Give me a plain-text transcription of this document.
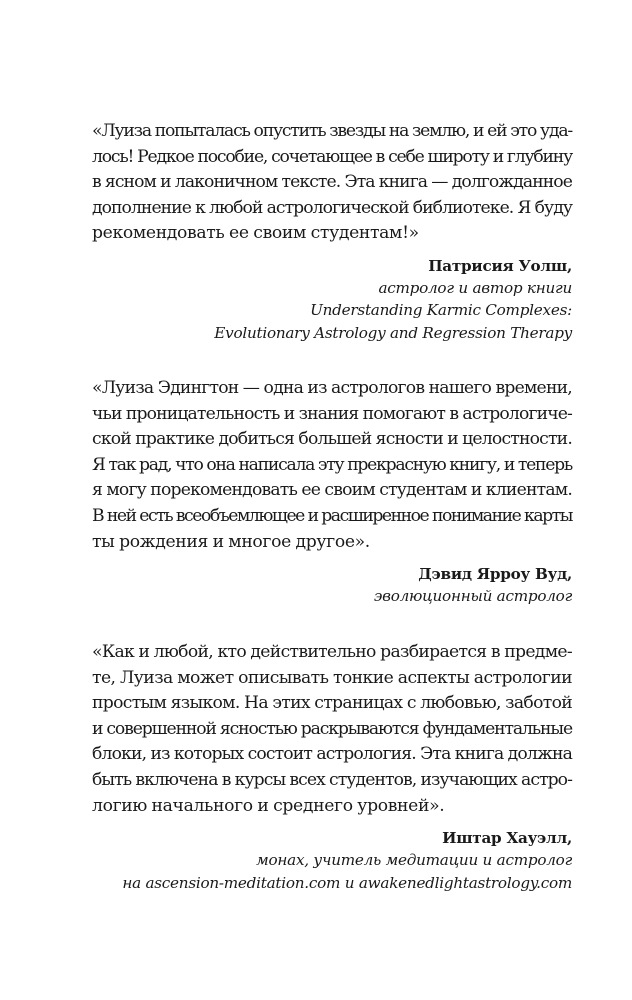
«Луиза попыталась опустить звезды на землю, и ей это уда-
лось! Редкое пособие, сочетающее в себе широту и глубину
в ясном и лаконичном тексте. Эта книга — долгожданное
дополнение к любой астрологической библиотеке. Я буду
рекомендовать ее своим студентам!»

Патрисия Уолш,
астролог и автор книги
Understanding Karmic Complexes:
Evolutionary Astrology and Regression Therapy

«Луиза Эдингтон — одна из астрологов нашего времени,
чьи проницательность и знания помогают в астрологиче-
ской практике добиться большей ясности и целостности.
Я так рад, что она написала эту прекрасную книгу, и теперь
я могу порекомендовать ее своим студентам и клиентам.
В ней есть всеобъемлющее и расширенное понимание карты
ты рождения и многое другое».

Дэвид Ярроу Вуд,
эволюционный астролог

«Как и любой, кто действительно разбирается в предме-
те, Луиза может описывать тонкие аспекты астрологии
простым языком. На этих страницах с любовью, заботой
и совершенной ясностью раскрываются фундаментальные
блоки, из которых состоит астрология. Эта книга должна
быть включена в курсы всех студентов, изучающих астро-
логию начального и среднего уровней».

Иштар Хауэлл,
монах, учитель медитации и астролог
на ascension-meditation.com и awakenedlightastrology.com
